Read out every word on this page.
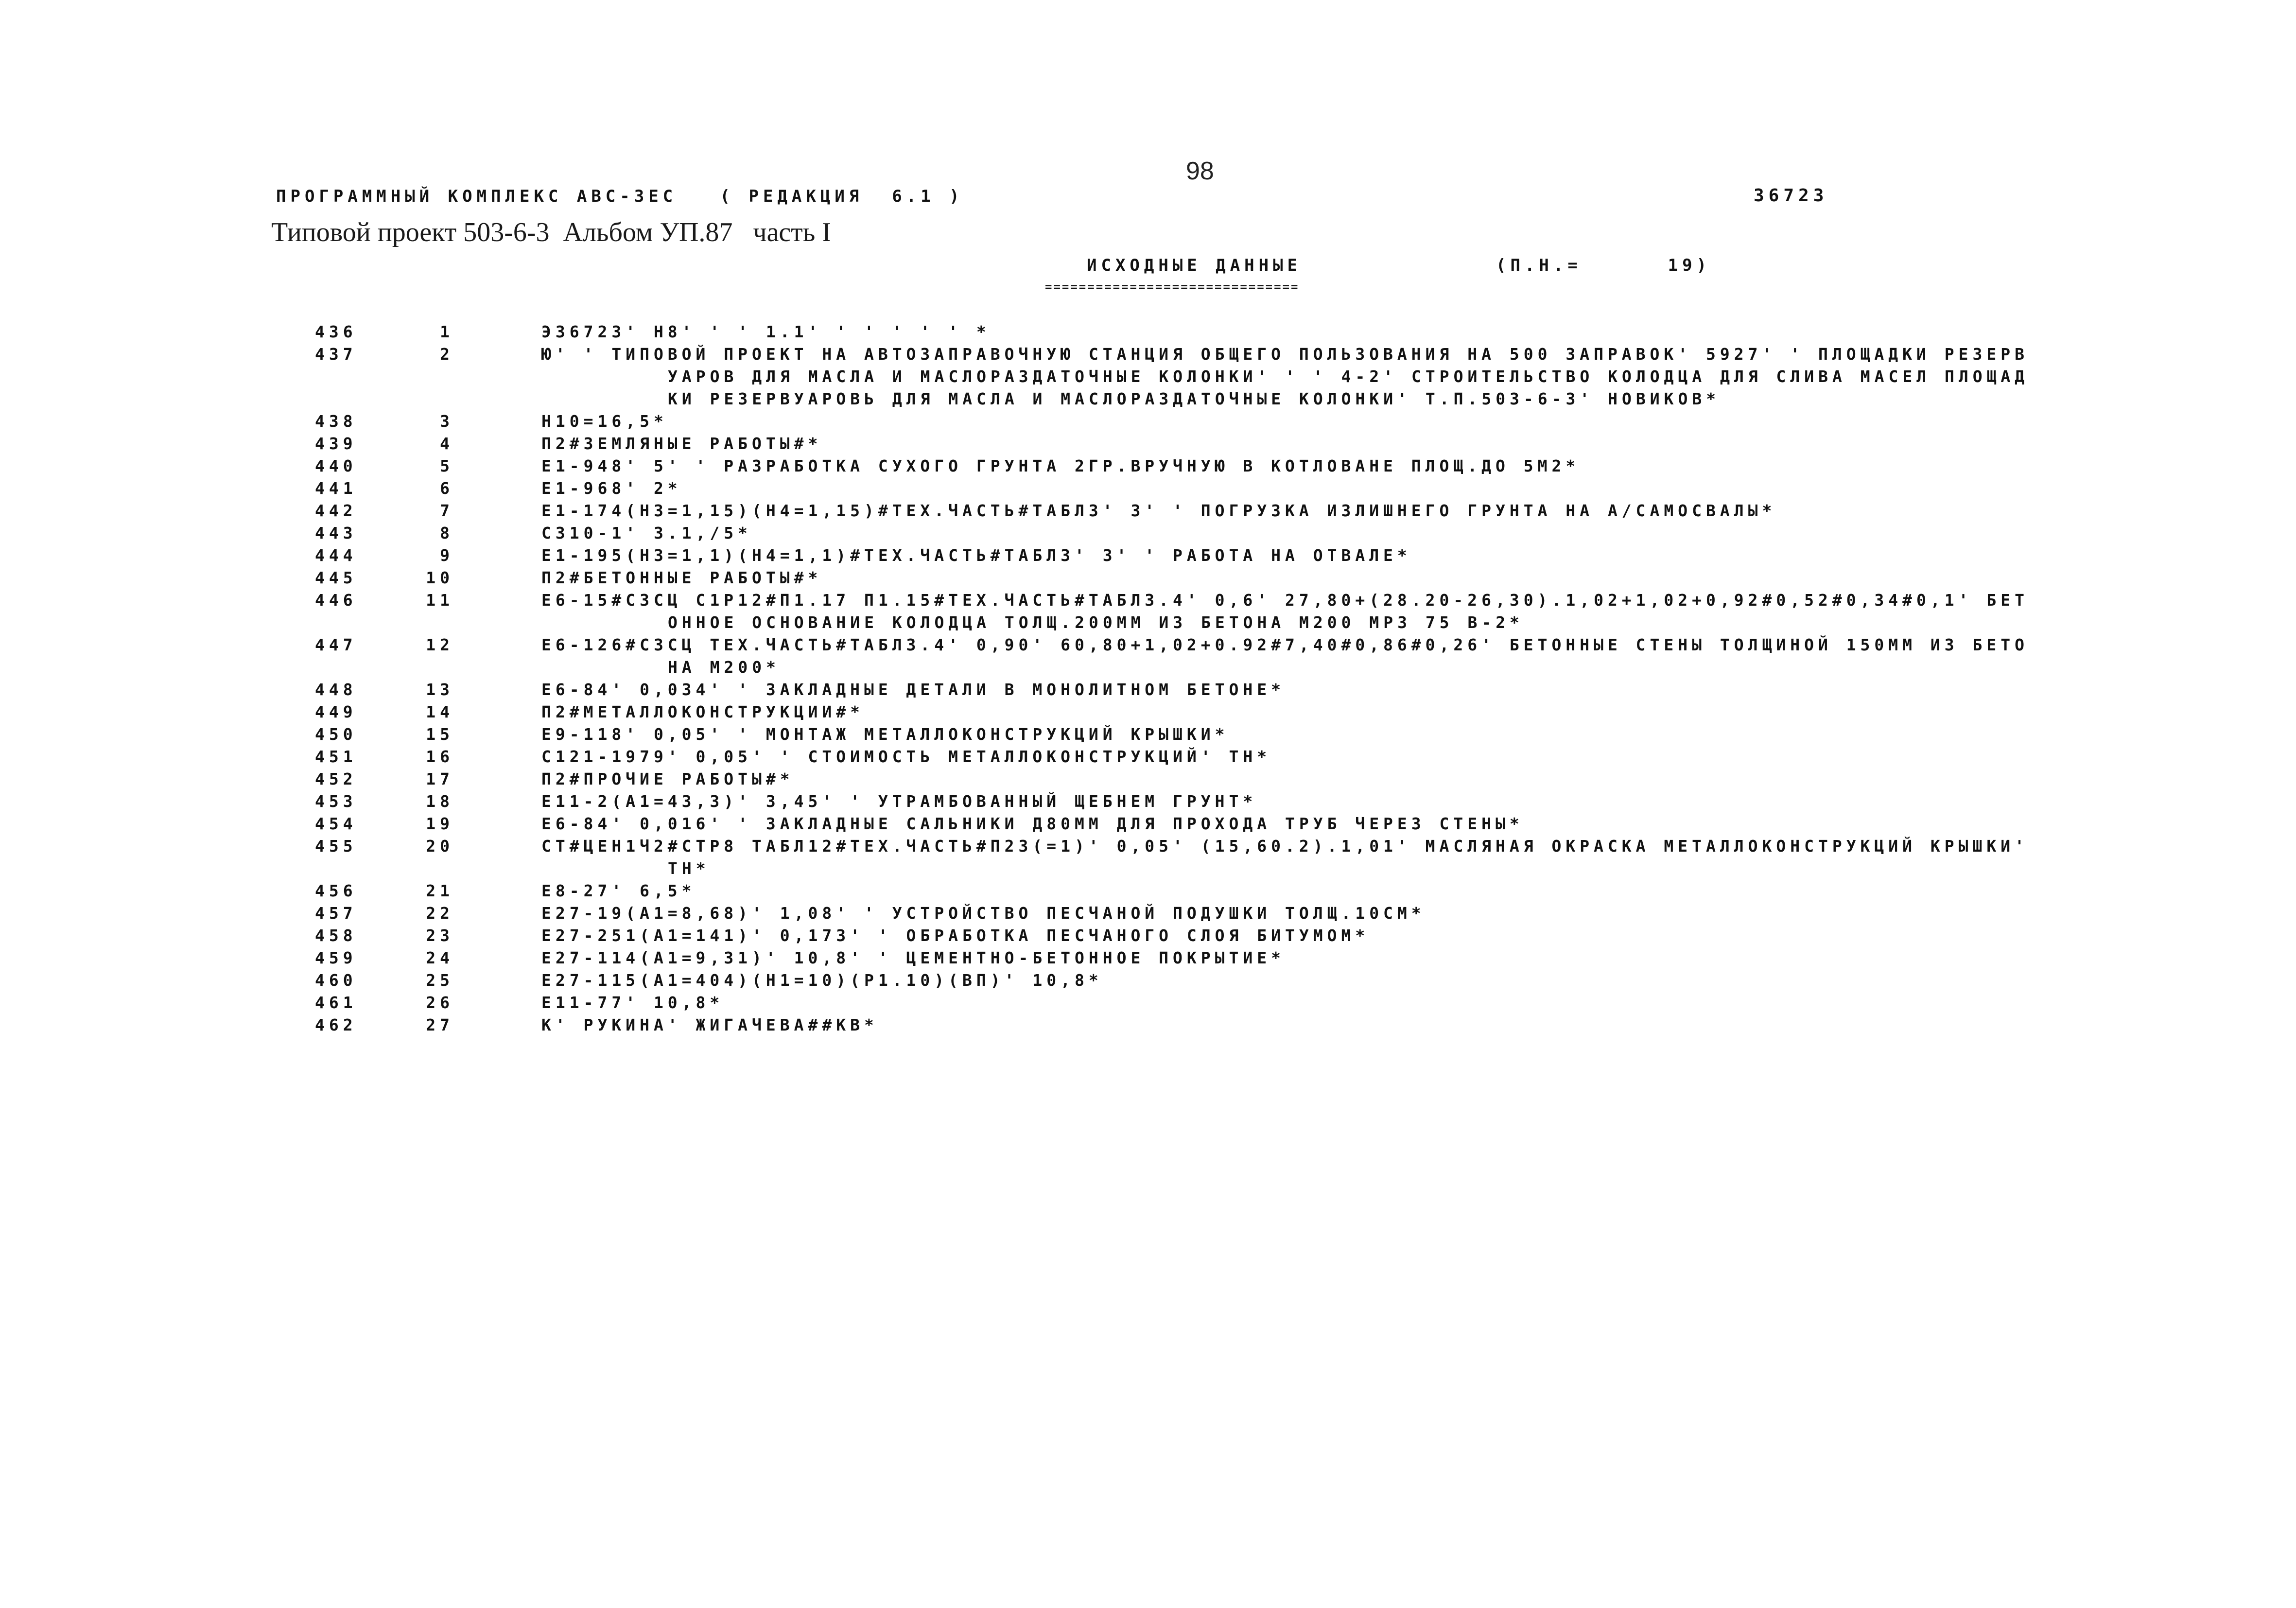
98
ПРОГРАММНЫЙ КОМПЛЕКС АВС-ЗЕС   ( РЕДАКЦИЯ  6.1 )	36723
Типовой проект 503-6-3  Альбом УП.87   часть I
ИСХОДНЫЕ ДАННЫЕ	(П.Н.=      19)
==============================
436	1	Э36723' Н8' ' ' 1.1' ' ' ' ' ' *
437	2	Ю' ' ТИПОВОЙ ПРОЕКТ НА АВТОЗАПРАВОЧНУЮ СТАНЦИЯ ОБЩЕГО ПОЛЬЗОВАНИЯ НА 500 ЗАПРАВОК' 5927' ' ПЛОЩАДКИ РЕЗЕРВУАРОВ ДЛЯ МАСЛА И МАСЛОРАЗДАТОЧНЫЕ КОЛОНКИ' ' ' 4-2' СТРОИТЕЛЬСТВО КОЛОДЦА ДЛЯ СЛИВА МАСЕЛ ПЛОЩАДКИ РЕЗЕРВУАРОВЬ ДЛЯ МАСЛА И МАСЛОРАЗДАТОЧНЫЕ КОЛОНКИ' Т.П.503-6-3' НОВИКОВ*
438	3	Н10=16,5*
439	4	П2#ЗЕМЛЯНЫЕ РАБОТЫ#*
440	5	Е1-948' 5' ' РАЗРАБОТКА СУХОГО ГРУНТА 2ГР.ВРУЧНУЮ В КОТЛОВАНЕ ПЛОЩ.ДО 5М2*
441	6	Е1-968' 2*
442	7	Е1-174(Н3=1,15)(Н4=1,15)#ТЕХ.ЧАСТЬ#ТАБЛ3' 3' ' ПОГРУЗКА ИЗЛИШНЕГО ГРУНТА НА А/САМОСВАЛЫ*
443	8	С310-1' 3.1,/5*
444	9	Е1-195(Н3=1,1)(Н4=1,1)#ТЕХ.ЧАСТЬ#ТАБЛ3' 3' ' РАБОТА НА ОТВАЛЕ*
445	10	П2#БЕТОННЫЕ РАБОТЫ#*
446	11	Е6-15#С3СЦ С1Р12#П1.17 П1.15#ТЕХ.ЧАСТЬ#ТАБЛ3.4' 0,6' 27,80+(28.20-26,30).1,02+1,02+0,92#0,52#0,34#0,1' БЕТОННОЕ ОСНОВАНИЕ КОЛОДЦА ТОЛЩ.200ММ ИЗ БЕТОНА М200 МРЗ 75 В-2*
447	12	Е6-126#С3СЦ ТЕХ.ЧАСТЬ#ТАБЛ3.4' 0,90' 60,80+1,02+0.92#7,40#0,86#0,26' БЕТОННЫЕ СТЕНЫ ТОЛЩИНОЙ 150ММ ИЗ БЕТОНА М200*
448	13	Е6-84' 0,034' ' ЗАКЛАДНЫЕ ДЕТАЛИ В МОНОЛИТНОМ БЕТОНЕ*
449	14	П2#МЕТАЛЛОКОНСТРУКЦИИ#*
450	15	Е9-118' 0,05' ' МОНТАЖ МЕТАЛЛОКОНСТРУКЦИЙ КРЫШКИ*
451	16	С121-1979' 0,05' ' СТОИМОСТЬ МЕТАЛЛОКОНСТРУКЦИЙ' ТН*
452	17	П2#ПРОЧИЕ РАБОТЫ#*
453	18	Е11-2(А1=43,3)' 3,45' ' УТРАМБОВАННЫЙ ЩЕБНЕМ ГРУНТ*
454	19	Е6-84' 0,016' ' ЗАКЛАДНЫЕ САЛЬНИКИ Д80ММ ДЛЯ ПРОХОДА ТРУБ ЧЕРЕЗ СТЕНЫ*
455	20	СТ#ЦЕН1Ч2#СТР8 ТАБЛ12#ТЕХ.ЧАСТЬ#П23(=1)' 0,05' (15,60.2).1,01' МАСЛЯНАЯ ОКРАСКА МЕТАЛЛОКОНСТРУКЦИЙ КРЫШКИ' ТН*
456	21	Е8-27' 6,5*
457	22	Е27-19(А1=8,68)' 1,08' ' УСТРОЙСТВО ПЕСЧАНОЙ ПОДУШКИ ТОЛЩ.10СМ*
458	23	Е27-251(А1=141)' 0,173' ' ОБРАБОТКА ПЕСЧАНОГО СЛОЯ БИТУМОМ*
459	24	Е27-114(А1=9,31)' 10,8' ' ЦЕМЕНТНО-БЕТОННОЕ ПОКРЫТИЕ*
460	25	Е27-115(А1=404)(Н1=10)(Р1.10)(ВП)' 10,8*
461	26	Е11-77' 10,8*
462	27	К' РУКИНА' ЖИГАЧЕВА##КВ*
